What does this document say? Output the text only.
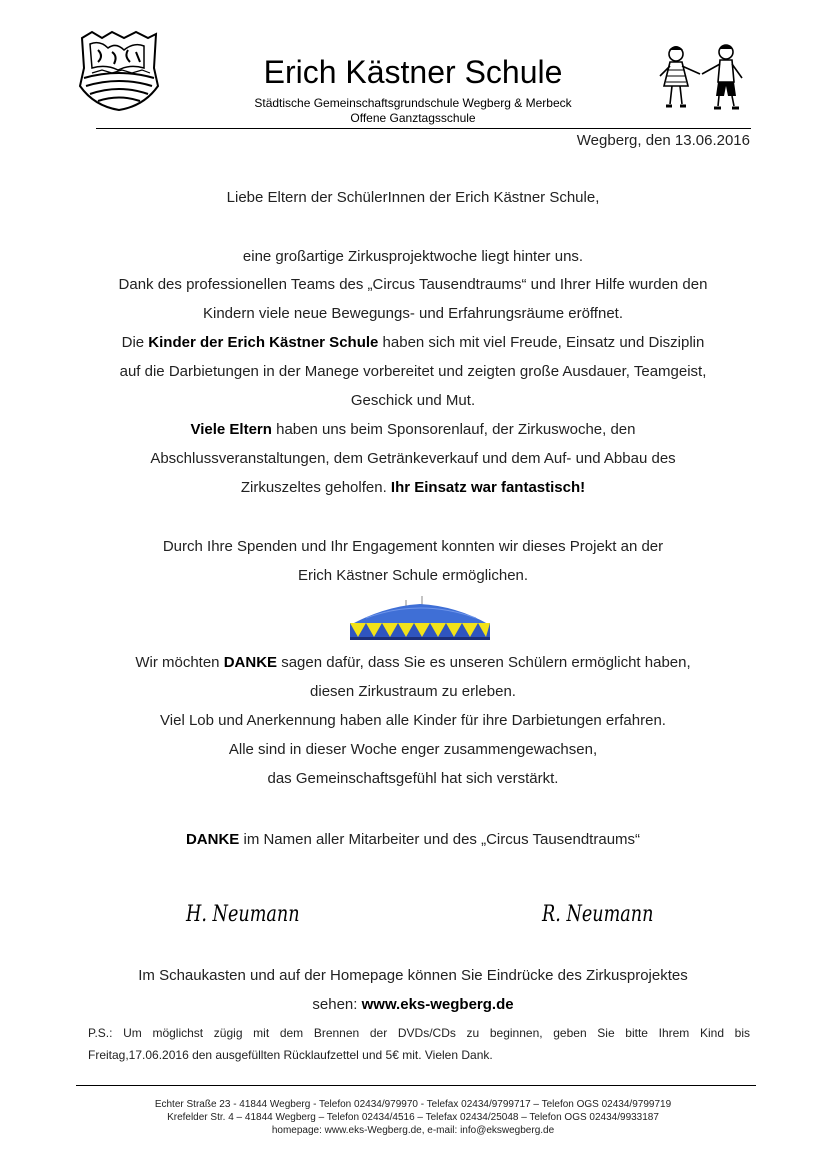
Erich Kästner Schule
Städtische Gemeinschaftsgrundschule Wegberg & Merbeck
Offene Ganztagsschule
Wegberg, den 13.06.2016
Liebe Eltern der SchülerInnen der Erich Kästner Schule,
eine großartige Zirkusprojektwoche liegt hinter uns.
Dank des professionellen Teams des „Circus Tausendtraums“ und Ihrer Hilfe wurden den
Kindern viele neue Bewegungs- und Erfahrungsräume eröffnet.
Die Kinder der Erich Kästner Schule haben sich mit viel Freude, Einsatz und Disziplin
auf die Darbietungen in der Manege vorbereitet und zeigten große Ausdauer, Teamgeist,
Geschick und Mut.
Viele Eltern haben uns beim Sponsorenlauf, der Zirkuswoche, den
Abschlussveranstaltungen, dem Getränkeverkauf und dem Auf- und Abbau des
Zirkuszeltes geholfen. Ihr Einsatz war fantastisch!
Durch Ihre Spenden und Ihr Engagement konnten wir dieses Projekt an der
Erich Kästner Schule ermöglichen.
Wir möchten DANKE sagen dafür, dass Sie es unseren Schülern ermöglicht haben,
diesen Zirkustraum zu erleben.
Viel Lob und Anerkennung haben alle Kinder für ihre Darbietungen erfahren.
Alle sind in dieser Woche enger zusammengewachsen,
das Gemeinschaftsgefühl hat sich verstärkt.
DANKE im Namen aller Mitarbeiter und des „Circus Tausendtraums“
H. Neumann	R. Neumann
Im Schaukasten und auf der Homepage können Sie Eindrücke des Zirkusprojektes
sehen: www.eks-wegberg.de
P.S.: Um möglichst zügig mit dem Brennen der DVDs/CDs zu beginnen, geben Sie bitte Ihrem Kind bis
Freitag,17.06.2016 den ausgefüllten Rücklaufzettel und 5€ mit. Vielen Dank.
Echter Straße 23 - 41844 Wegberg - Telefon 02434/979970 - Telefax 02434/9799717 – Telefon OGS 02434/9799719
Krefelder Str. 4 – 41844 Wegberg – Telefon 02434/4516 – Telefax 02434/25048 – Telefon OGS 02434/9933187
homepage: www.eks-Wegberg.de, e-mail: info@ekswegberg.de
